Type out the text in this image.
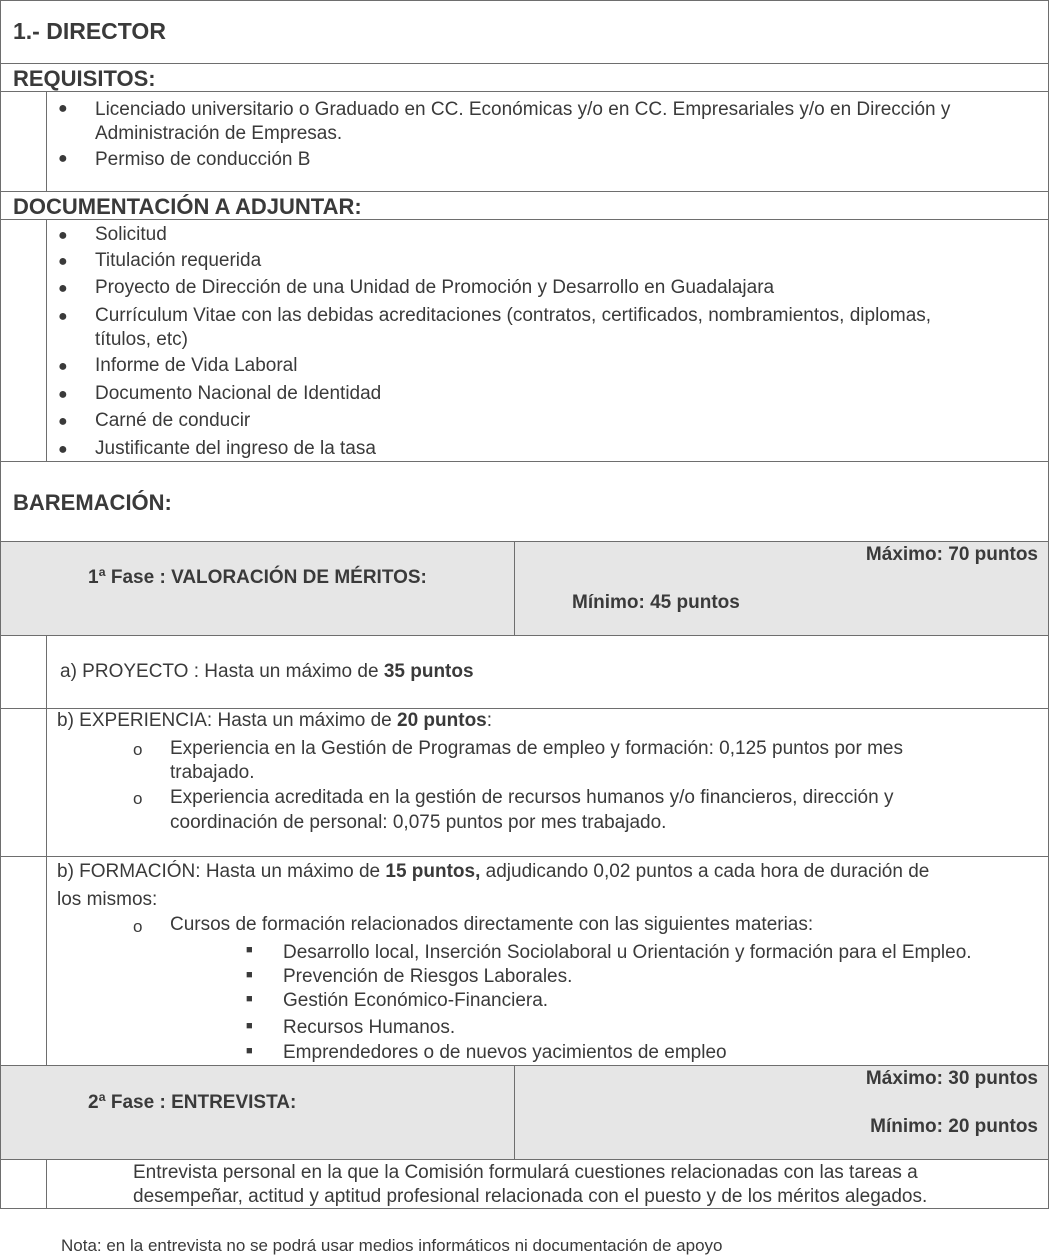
1.- DIRECTOR
REQUISITOS:
● Licenciado universitario o Graduado en CC. Económicas y/o en CC. Empresariales y/o en Dirección y
Administración de Empresas.
● Permiso de conducción B
DOCUMENTACIÓN A ADJUNTAR:
● Solicitud
● Titulación requerida
● Proyecto de Dirección de una Unidad de Promoción y Desarrollo en Guadalajara
● Currículum Vitae con las debidas acreditaciones (contratos, certificados, nombramientos, diplomas,
títulos, etc)
● Informe de Vida Laboral
● Documento Nacional de Identidad
● Carné de conducir
● Justificante del ingreso de la tasa
BAREMACIÓN:
1ª Fase : VALORACIÓN DE MÉRITOS:
Máximo: 70 puntos
Mínimo: 45 puntos
a) PROYECTO : Hasta un máximo de 35 puntos
b) EXPERIENCIA: Hasta un máximo de 20 puntos:
o Experiencia en la Gestión de Programas de empleo y formación: 0,125 puntos por mes
trabajado.
o Experiencia acreditada en la gestión de recursos humanos y/o financieros, dirección y
coordinación de personal: 0,075 puntos por mes trabajado.
b) FORMACIÓN: Hasta un máximo de 15 puntos, adjudicando 0,02 puntos a cada hora de duración de
los mismos:
o Cursos de formación relacionados directamente con las siguientes materias:
■ Desarrollo local, Inserción Sociolaboral u Orientación y formación para el Empleo.
■ Prevención de Riesgos Laborales.
■ Gestión Económico-Financiera.
■ Recursos Humanos.
■ Emprendedores o de nuevos yacimientos de empleo
2ª Fase : ENTREVISTA:
Máximo: 30 puntos
Mínimo: 20 puntos
Entrevista personal en la que la Comisión formulará cuestiones relacionadas con las tareas a
desempeñar, actitud y aptitud profesional relacionada con el puesto y de los méritos alegados.
Nota: en la entrevista no se podrá usar medios informáticos ni documentación de apoyo
